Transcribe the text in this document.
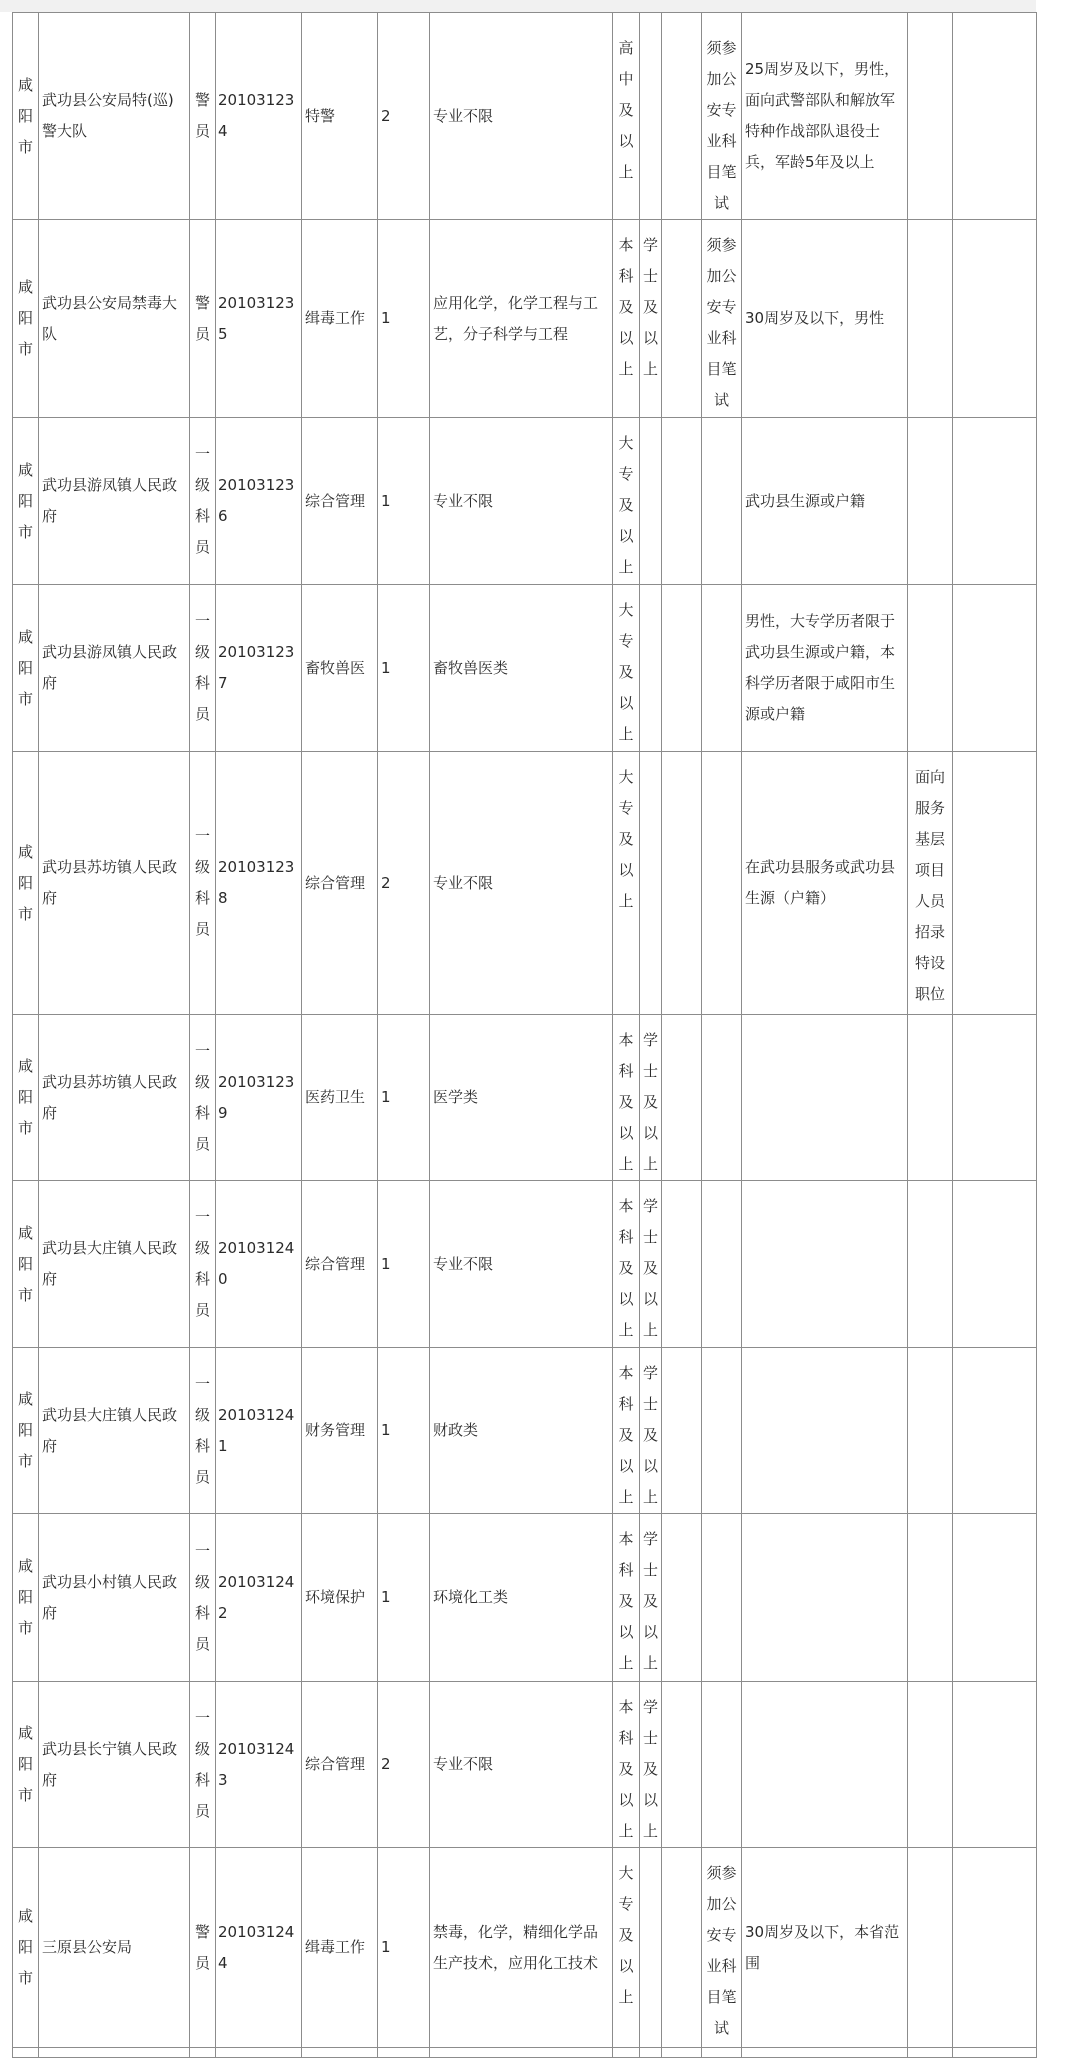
咸阳市	武功县公安局特(巡)警大队	警员	201031234	特警	2	专业不限	高中及以上			须参加公安专业科目笔试	25周岁及以下，男性，面向武警部队和解放军特种作战部队退役士兵，军龄5年及以上		
咸阳市	武功县公安局禁毒大队	警员	201031235	缉毒工作	1	应用化学，化学工程与工艺，分子科学与工程	本科及以上	学士及以上		须参加公安专业科目笔试	30周岁及以下，男性		
咸阳市	武功县游凤镇人民政府	一级科员	201031236	综合管理	1	专业不限	大专及以上				武功县生源或户籍		
咸阳市	武功县游凤镇人民政府	一级科员	201031237	畜牧兽医	1	畜牧兽医类	大专及以上				男性，大专学历者限于武功县生源或户籍，本科学历者限于咸阳市生源或户籍		
咸阳市	武功县苏坊镇人民政府	一级科员	201031238	综合管理	2	专业不限	大专及以上				在武功县服务或武功县生源（户籍）	面向服务基层项目人员招录特设职位	
咸阳市	武功县苏坊镇人民政府	一级科员	201031239	医药卫生	1	医学类	本科及以上	学士及以上					
咸阳市	武功县大庄镇人民政府	一级科员	201031240	综合管理	1	专业不限	本科及以上	学士及以上					
咸阳市	武功县大庄镇人民政府	一级科员	201031241	财务管理	1	财政类	本科及以上	学士及以上					
咸阳市	武功县小村镇人民政府	一级科员	201031242	环境保护	1	环境化工类	本科及以上	学士及以上					
咸阳市	武功县长宁镇人民政府	一级科员	201031243	综合管理	2	专业不限	本科及以上	学士及以上					
咸阳市	三原县公安局	警员	201031244	缉毒工作	1	禁毒，化学，精细化学品生产技术，应用化工技术	大专及以上			须参加公安专业科目笔试	30周岁及以下，本省范围		
